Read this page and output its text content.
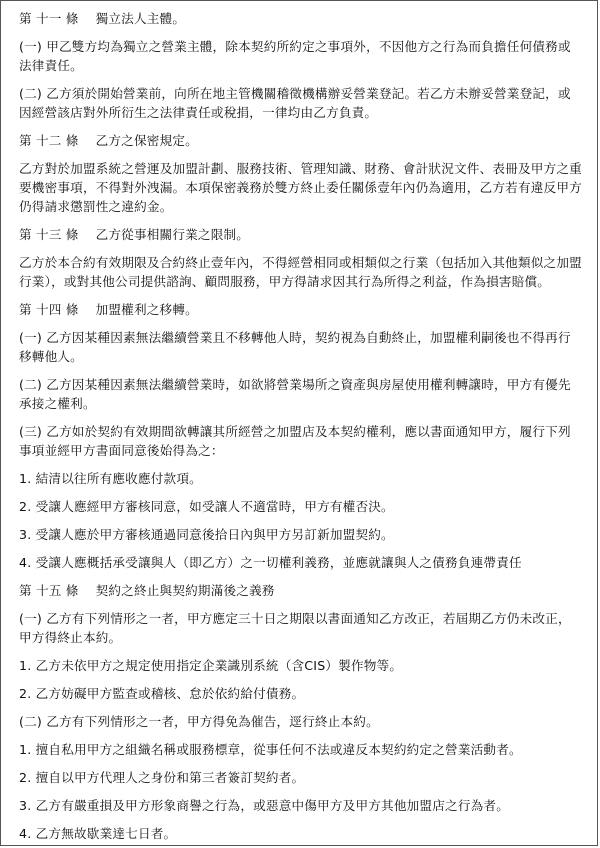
第 十一 條　 獨立法人主體。
(一) 甲乙雙方均為獨立之營業主體，除本契約所約定之事項外，不因他方之行為而負擔任何債務或法律責任。
(二) 乙方須於開始營業前，向所在地主管機關稽徵機構辦妥營業登記。若乙方未辦妥營業登記，或因經營該店對外所衍生之法律責任或稅捐，一律均由乙方負責。
第 十二 條　 乙方之保密規定。
乙方對於加盟系統之營運及加盟計劃、服務技術、管理知識、財務、會計狀況文件、表冊及甲方之重要機密事項，不得對外洩漏。本項保密義務於雙方終止委任關係壹年內仍為適用，乙方若有違反甲方仍得請求懲罰性之違約金。
第 十三 條　 乙方從事相關行業之限制。
乙方於本合約有效期限及合約終止壹年內，不得經營相同或相類似之行業（包括加入其他類似之加盟行業），或對其他公司提供諮詢、顧問服務，甲方得請求因其行為所得之利益，作為損害賠償。
第 十四 條　 加盟權利之移轉。
(一) 乙方因某種因素無法繼續營業且不移轉他人時，契約視為自動終止，加盟權利嗣後也不得再行移轉他人。
(二) 乙方因某種因素無法繼續營業時，如欲將營業場所之資產與房屋使用權利轉讓時，甲方有優先承接之權利。
(三) 乙方如於契約有效期間欲轉讓其所經營之加盟店及本契約權利，應以書面通知甲方，履行下列事項並經甲方書面同意後始得為之：
1. 結清以往所有應收應付款項。
2. 受讓人應經甲方審核同意，如受讓人不適當時，甲方有權否決。
3. 受讓人應於甲方審核通過同意後拾日內與甲方另訂新加盟契約。
4. 受讓人應概括承受讓與人（即乙方）之一切權利義務，並應就讓與人之債務負連帶責任
第 十五 條　 契約之終止與契約期滿後之義務
(一) 乙方有下列情形之一者，甲方應定三十日之期限以書面通知乙方改正，若屆期乙方仍未改正，甲方得終止本約。
1. 乙方未依甲方之規定使用指定企業識別系統（含CIS）製作物等。
2. 乙方妨礙甲方監查或稽核、怠於依約給付債務。
(二) 乙方有下列情形之一者，甲方得免為催告，逕行終止本約。
1. 擅自私用甲方之組織名稱或服務標章，從事任何不法或違反本契約約定之營業活動者。
2. 擅自以甲方代理人之身份和第三者簽訂契約者。
3. 乙方有嚴重損及甲方形象商譽之行為，或惡意中傷甲方及甲方其他加盟店之行為者。
4. 乙方無故歇業達七日者。
